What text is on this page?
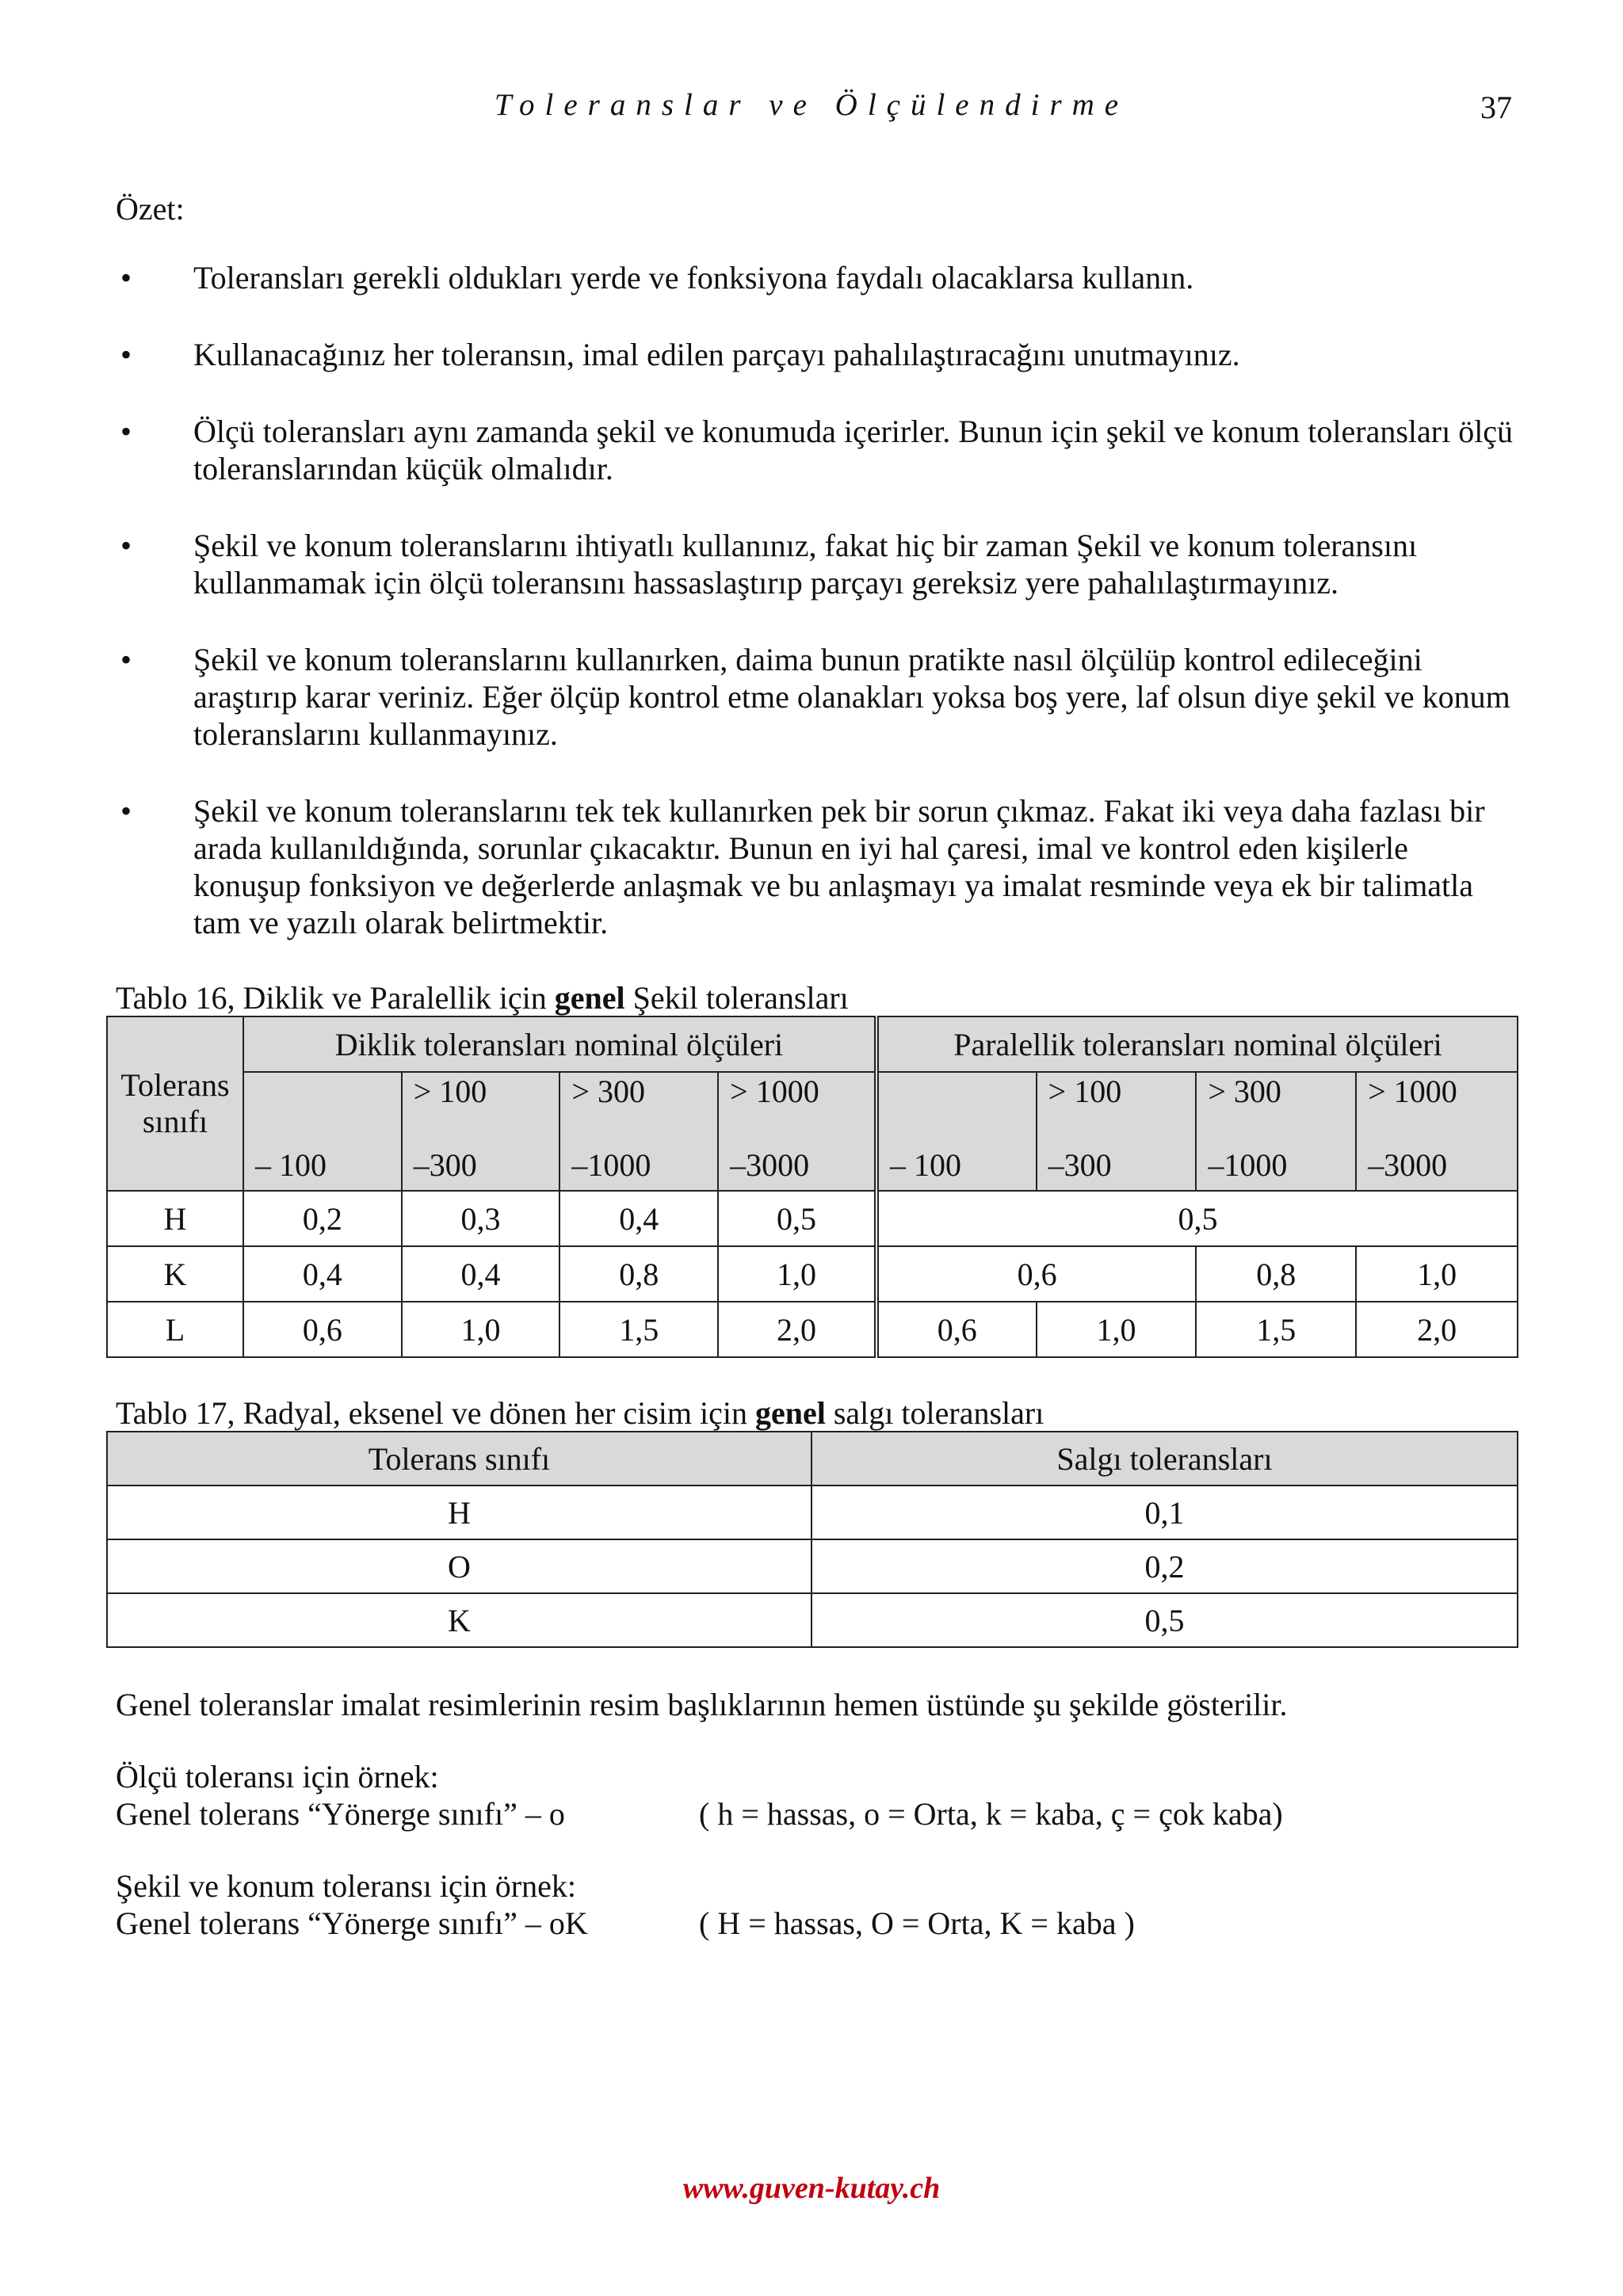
Toleranslar ve Ölçülendirme	37
Özet:
• Toleransları gerekli oldukları yerde ve fonksiyona faydalı olacaklarsa kullanın.
• Kullanacağınız her toleransın, imal edilen parçayı pahalılaştıracağını unutmayınız.
• Ölçü toleransları aynı zamanda şekil ve konumuda içerirler. Bunun için şekil ve konum toleransları ölçü toleranslarından küçük olmalıdır.
• Şekil ve konum toleranslarını ihtiyatlı kullanınız, fakat hiç bir zaman Şekil ve konum toleransını kullanmamak için ölçü toleransını hassaslaştırıp parçayı gereksiz yere pahalılaştırmayınız.
• Şekil ve konum toleranslarını kullanırken, daima bunun pratikte nasıl ölçülüp kontrol edileceğini araştırıp karar veriniz. Eğer ölçüp kontrol etme olanakları yoksa boş yere, laf olsun diye şekil ve konum toleranslarını kullanmayınız.
• Şekil ve konum toleranslarını tek tek kullanırken pek bir sorun çıkmaz. Fakat iki veya daha fazlası bir arada kullanıldığında, sorunlar çıkacaktır. Bunun en iyi hal çaresi, imal ve kontrol eden kişilerle konuşup fonksiyon ve değerlerde anlaşmak ve bu anlaşmayı ya imalat resminde veya ek bir talimatla tam ve yazılı olarak belirtmektir.
Tablo 16, Diklik ve Paralellik için genel Şekil toleransları
Tolerans sınıfı	Diklik toleransları nominal ölçüleri				Paralellik toleransları nominal ölçüleri			
		> 100	> 300	> 1000		> 100	> 300	> 1000
	– 100	–300	–1000	–3000	– 100	–300	–1000	–3000
H	0,2	0,3	0,4	0,5	0,5			
K	0,4	0,4	0,8	1,0	0,6		0,8	1,0
L	0,6	1,0	1,5	2,0	0,6	1,0	1,5	2,0
Tablo 17, Radyal, eksenel ve dönen her cisim için genel salgı toleransları
Tolerans sınıfı	Salgı toleransları
H	0,1
O	0,2
K	0,5
Genel toleranslar imalat resimlerinin resim başlıklarının hemen üstünde şu şekilde gösterilir.
Ölçü toleransı için örnek:
Genel tolerans “Yönerge sınıfı” – o	( h = hassas, o = Orta, k = kaba, ç = çok kaba)
Şekil ve konum toleransı için örnek:
Genel tolerans “Yönerge sınıfı” – oK	( H = hassas, O = Orta, K = kaba )
www.guven-kutay.ch
